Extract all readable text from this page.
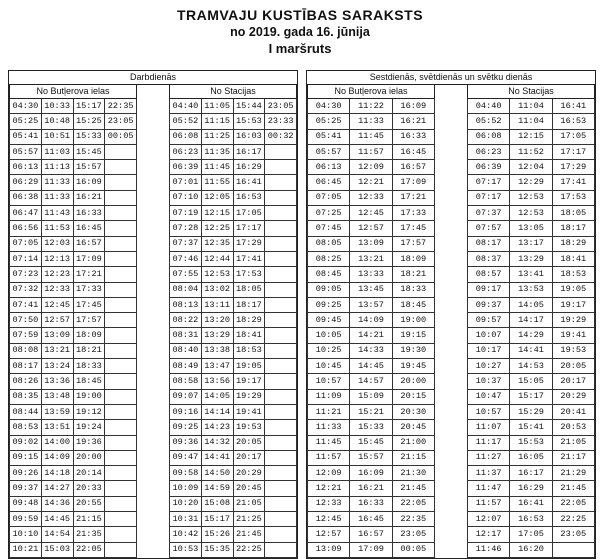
TRAMVAJU KUSTĪBAS SARAKSTS
no 2019. gada 16. jūnija
I maršruts
Darbdienās
No Butļerova ielas
04:30	10:33	15:17	22:35
05:25	10:48	15:25	23:05
05:41	10:51	15:33	00:05
05:57	11:03	15:45	
06:13	11:13	15:57	
06:29	11:33	16:09	
06:38	11:33	16:21	
06:47	11:43	16:33	
06:56	11:53	16:45	
07:05	12:03	16:57	
07:14	12:13	17:09	
07:23	12:23	17:21	
07:32	12:33	17:33	
07:41	12:45	17:45	
07:50	12:57	17:57	
07:59	13:09	18:09	
08:08	13:21	18:21	
08:17	13:24	18:33	
08:26	13:36	18:45	
08:35	13:48	19:00	
08:44	13:59	19:12	
08:53	13:51	19:24	
09:02	14:00	19:36	
09:15	14:09	20:00	
09:26	14:18	20:14	
09:37	14:27	20:33	
09:48	14:36	20:55	
09:59	14:45	21:15	
10:10	14:54	21:35	
10:21	15:03	22:05	
No Stacijas
04:40	11:05	15:44	23:05
05:52	11:15	15:53	23:33
06:08	11:25	16:03	00:32
06:23	11:35	16:17	
06:39	11:45	16:29	
07:01	11:55	16:41	
07:10	12:05	16:53	
07:19	12:15	17:05	
07:28	12:25	17:17	
07:37	12:35	17:29	
07:46	12:44	17:41	
07:55	12:53	17:53	
08:04	13:02	18:05	
08:13	13:11	18:17	
08:22	13:20	18:29	
08:31	13:29	18:41	
08:40	13:38	18:53	
08:49	13:47	19:05	
08:58	13:56	19:17	
09:07	14:05	19:29	
09:16	14:14	19:41	
09:25	14:23	19:53	
09:36	14:32	20:05	
09:47	14:41	20:17	
09:58	14:50	20:29	
10:09	14:59	20:45	
10:20	15:08	21:05	
10:31	15:17	21:25	
10:42	15:26	21:45	
10:53	15:35	22:25	
Sestdienās, svētdienās un svētku dienās
No Butļerova ielas
04:30	11:22	16:09
05:25	11:33	16:21
05:41	11:45	16:33
05:57	11:57	16:45
06:13	12:09	16:57
06:45	12:21	17:09
07:05	12:33	17:21
07:25	12:45	17:33
07:45	12:57	17:45
08:05	13:09	17:57
08:25	13:21	18:09
08:45	13:33	18:21
09:05	13:45	18:33
09:25	13:57	18:45
09:45	14:09	19:00
10:05	14:21	19:15
10:25	14:33	19:30
10:45	14:45	19:45
10:57	14:57	20:00
11:09	15:09	20:15
11:21	15:21	20:30
11:33	15:33	20:45
11:45	15:45	21:00
11:57	15:57	21:15
12:09	16:09	21:30
12:21	16:21	21:45
12:33	16:33	22:05
12:45	16:45	22:35
12:57	16:57	23:05
13:09	17:09	00:05
No Stacijas
04:40	11:04	16:41
05:52	11:04	16:53
06:08	12:15	17:05
06:23	11:52	17:17
06:39	12:04	17:29
07:17	12:29	17:41
07:17	12:53	17:53
07:37	12:53	18:05
07:57	13:05	18:17
08:17	13:17	18:29
08:37	13:29	18:41
08:57	13:41	18:53
09:17	13:53	19:05
09:37	14:05	19:17
09:57	14:17	19:29
10:07	14:29	19:41
10:17	14:41	19:53
10:27	14:53	20:05
10:37	15:05	20:17
10:47	15:17	20:29
10:57	15:29	20:41
11:07	15:41	20:53
11:17	15:53	21:05
11:27	16:05	21:17
11:37	16:17	21:29
11:47	16:29	21:45
11:57	16:41	22:05
12:07	16:53	22:25
12:17	17:05	23:05
11:46	16:20	
